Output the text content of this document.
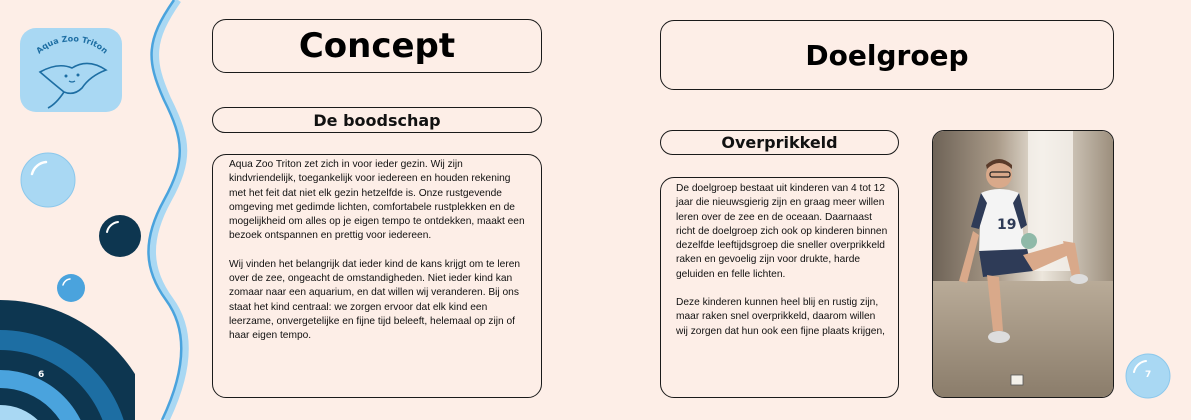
6	7
Aqua Zoo Triton	Concept
De boodschap

Aqua Zoo Triton zet zich in voor ieder gezin. Wij zijn kindvriendelijk, toegankelijk voor iedereen en houden rekening met het feit dat niet elk gezin hetzelfde is. Onze rustgevende omgeving met gedimde lichten, comfortabele rustplekken en de mogelijkheid om alles op je eigen tempo te ontdekken, maakt een bezoek ontspannen en prettig voor iedereen.

Wij vinden het belangrijk dat ieder kind de kans krijgt om te leren over de zee, ongeacht de omstandigheden. Niet ieder kind kan zomaar naar een aquarium, en dat willen wij veranderen. Bij ons staat het kind centraal: we zorgen ervoor dat elk kind een leerzame, onvergetelijke en fijne tijd beleeft, helemaal op zijn of haar eigen tempo.

Doelgroep
Overprikkeld

De doelgroep bestaat uit kinderen van 4 tot 12 jaar die nieuwsgierig zijn en graag meer willen leren over de zee en de oceaan. Daarnaast richt de doelgroep zich ook op kinderen binnen dezelfde leeftijdsgroep die sneller overprikkeld raken en gevoelig zijn voor drukte, harde geluiden en felle lichten.

Deze kinderen kunnen heel blij en rustig zijn, maar raken snel overprikkeld, daarom willen wij zorgen dat hun ook een fijne plaats krijgen,

19
